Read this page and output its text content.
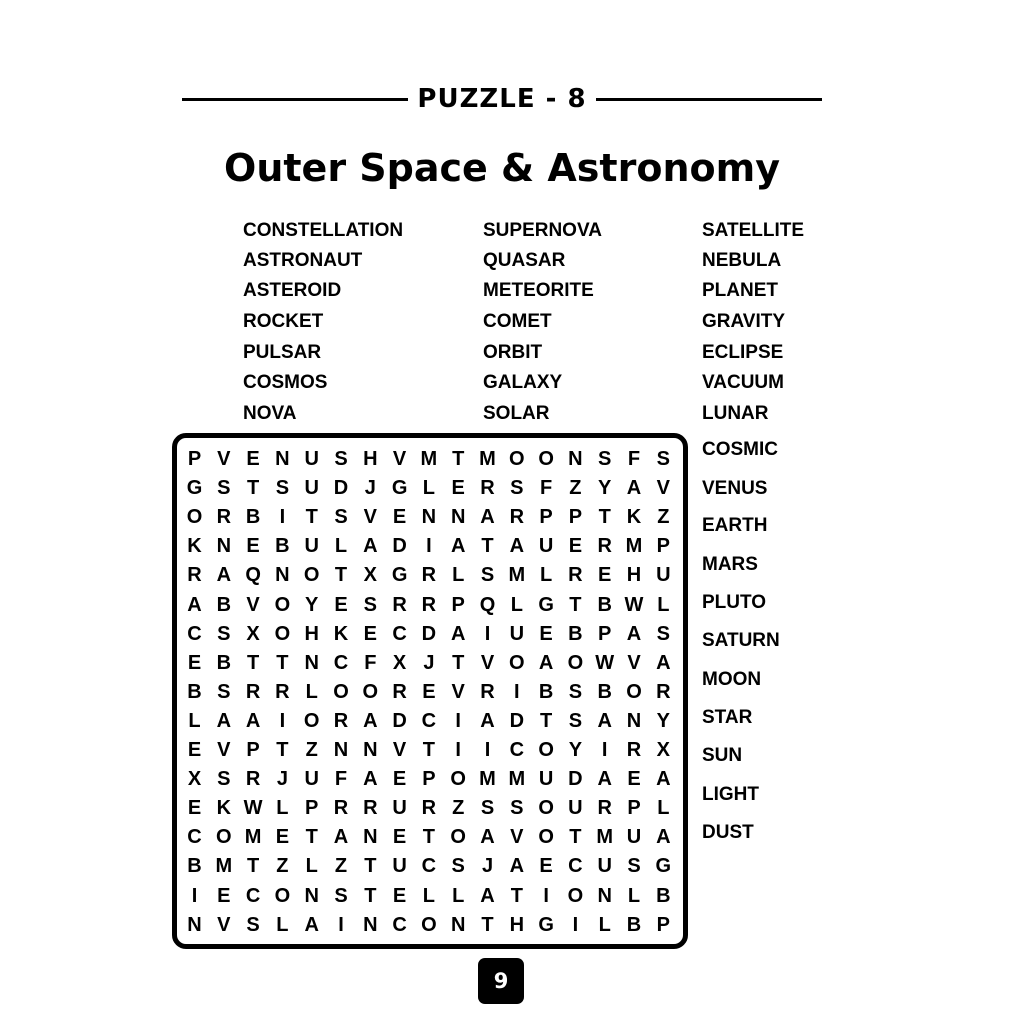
PUZZLE - 8
Outer Space & Astronomy
CONSTELLATION
ASTRONAUT
ASTEROID
ROCKET
PULSAR
COSMOS
NOVA
SUPERNOVA
QUASAR
METEORITE
COMET
ORBIT
GALAXY
SOLAR
SATELLITE
NEBULA
PLANET
GRAVITY
ECLIPSE
VACUUM
LUNAR
COSMIC
VENUS
EARTH
MARS
PLUTO
SATURN
MOON
STAR
SUN
LIGHT
DUST
P V E N U S H V M T M O O N S F S
G S T S U D J G L E R S F Z Y A V
O R B I	T S V E N N A R P P T K Z
K N E B U L A D I A T A U E R M P
R A Q N O T X G R L S M L R E H U
A B V O Y E S R R P Q L G T B W L
C S X O H K E C D A I U E B P A S
E B T T N C F X J T V O A O W V A
B S R R L O O R E V R I B S B O R
L A A I O R A D C I A D T S A N Y
E V P T Z N N V T	I	I C O Y I R X
X S R J U F A E P O M M U D A E A
E K W L P R R U R Z S S O U R P L
C O M E T A N E T O A V O T M U A
B M T Z L Z T U C S J A E C U S G
I E C O N S T E L L A T	I O N L B
N V S L A I N C O N T H G I	L B P
9
